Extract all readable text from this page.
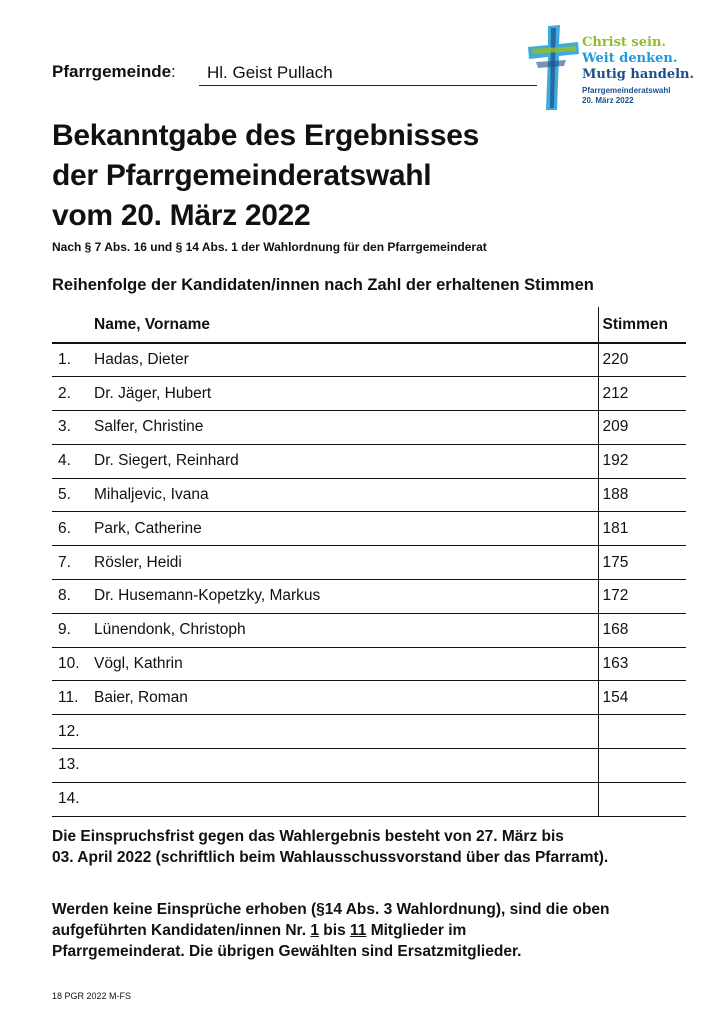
Pfarrgemeinde:	Hl. Geist Pullach
Christ sein.
Weit denken.
Mutig handeln.
Pfarrgemeinderatswahl
20. März 2022
Bekanntgabe des Ergebnisses
der Pfarrgemeinderatswahl
vom 20. März 2022
Nach § 7 Abs. 16 und § 14 Abs. 1 der Wahlordnung für den Pfarrgemeinderat
Reihenfolge der Kandidaten/innen nach Zahl der erhaltenen Stimmen
	Name, Vorname	Stimmen
1.	Hadas, Dieter	220
2.	Dr. Jäger, Hubert	212
3.	Salfer, Christine	209
4.	Dr. Siegert, Reinhard	192
5.	Mihaljevic, Ivana	188
6.	Park, Catherine	181
7.	Rösler, Heidi	175
8.	Dr. Husemann-Kopetzky, Markus	172
9.	Lünendonk, Christoph	168
10.	Vögl, Kathrin	163
11.	Baier, Roman	154
12.		
13.		
14.		
Die Einspruchsfrist gegen das Wahlergebnis besteht von 27. März bis
03. April 2022 (schriftlich beim Wahlausschussvorstand über das Pfarramt).
Werden keine Einsprüche erhoben (§14 Abs. 3 Wahlordnung), sind die oben
aufgeführten Kandidaten/innen Nr. 1 bis 11 Mitglieder im
Pfarrgemeinderat. Die übrigen Gewählten sind Ersatzmitglieder.
18 PGR 2022 M-FS
